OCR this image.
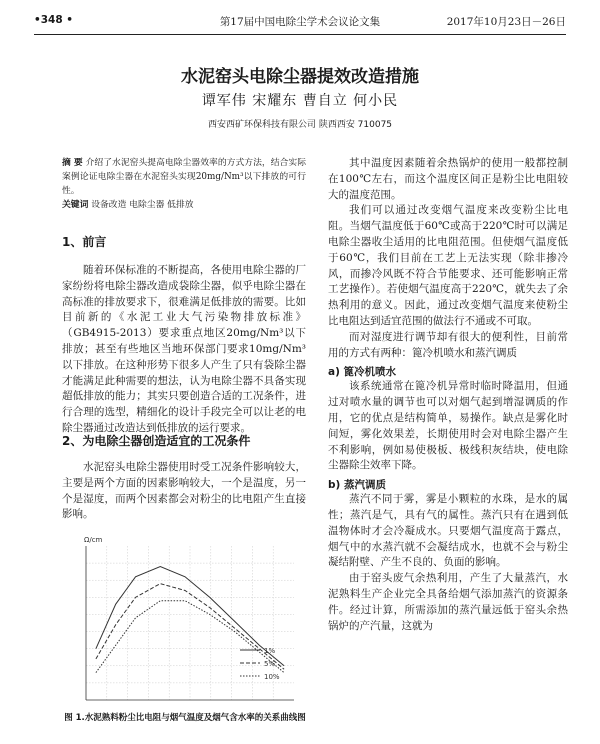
•348 •	第17届中国电除尘学术会议论文集	2017年10月23日－26日
水泥窑头电除尘器提效改造措施
谭军伟 宋耀东 曹自立 何小民
西安西矿环保科技有限公司 陕西西安 710075

摘 要 介绍了水泥窑头提高电除尘器效率的方式方法，结合实际案例论证电除尘器在水泥窑头实现20mg/Nm³以下排放的可行性。

关键词 设备改造 电除尘器 低排放

1、前言

随着环保标准的不断提高，各使用电除尘器的厂家纷纷将电除尘器改造成袋除尘器，似乎电除尘器在高标准的排放要求下，很难满足低排放的需要。比如目前新的《水泥工业大气污染物排放标准》（GB4915-2013）要求重点地区20mg/Nm³以下排放；甚至有些地区当地环保部门要求10mg/Nm³以下排放。在这种形势下很多人产生了只有袋除尘器才能满足此种需要的想法，认为电除尘器不具备实现超低排放的能力；其实只要创造合适的工况条件，进行合理的选型，精细化的设计手段完全可以让老的电除尘器通过改造达到低排放的运行要求。

2、为电除尘器创造适宜的工况条件

水泥窑头电除尘器使用时受工况条件影响较大，主要是两个方面的因素影响较大，一个是温度，另一个是湿度，而两个因素都会对粉尘的比电阻产生直接影响。

Ω/cm
1%
5%
10%
图 1.水泥熟料粉尘比电阻与烟气温度及烟气含水率的关系曲线图

其中温度因素随着余热锅炉的使用一般都控制在100℃左右，而这个温度区间正是粉尘比电阻较大的温度范围。

我们可以通过改变烟气温度来改变粉尘比电阻。当烟气温度低于60℃或高于220℃时可以满足电除尘器收尘适用的比电阻范围。但使烟气温度低于60℃，我们目前在工艺上无法实现（除非掺冷风，而掺冷风既不符合节能要求、还可能影响正常工艺操作）。若使烟气温度高于220℃，就失去了余热利用的意义。因此，通过改变烟气温度来使粉尘比电阻达到适宜范围的做法行不通或不可取。

而对湿度进行调节却有很大的便利性，目前常用的方式有两种：篦冷机喷水和蒸汽调质

a) 篦冷机喷水

该系统通常在篦冷机异常时临时降温用，但通过对喷水量的调节也可以对烟气起到增湿调质的作用，它的优点是结构简单，易操作。缺点是雾化时间短，雾化效果差，长期使用时会对电除尘器产生不利影响，例如易使极板、极线积灰结块，使电除尘器除尘效率下降。

b) 蒸汽调质

蒸汽不同于雾，雾是小颗粒的水珠，是水的属性；蒸汽是气，具有气的属性。蒸汽只有在遇到低温物体时才会冷凝成水。只要烟气温度高于露点，烟气中的水蒸汽就不会凝结成水，也就不会与粉尘凝结附壁、产生不良的、负面的影响。

由于窑头废气余热利用，产生了大量蒸汽，水泥熟料生产企业完全具备给烟气添加蒸汽的资源条件。经过计算，所需添加的蒸汽量远低于窑头余热锅炉的产汽量，这就为
